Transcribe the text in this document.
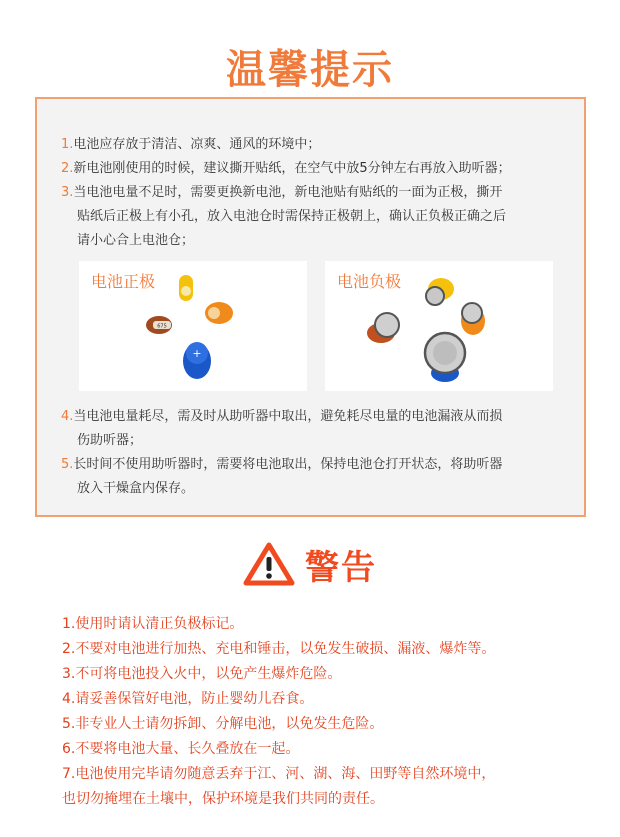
温馨提示
1.电池应存放于清洁、凉爽、通风的环境中；
2.新电池刚使用的时候，建议撕开贴纸，在空气中放5分钟左右再放入助听器；
3.当电池电量不足时，需要更换新电池，新电池贴有贴纸的一面为正极，撕开
贴纸后正极上有小孔，放入电池仓时需保持正极朝上，确认正负极正确之后
请小心合上电池仓；
电池正极
675
+
电池负极
4.当电池电量耗尽，需及时从助听器中取出，避免耗尽电量的电池漏液从而损
伤助听器；
5.长时间不使用助听器时，需要将电池取出，保持电池仓打开状态，将助听器
放入干燥盒内保存。
警告
1.使用时请认清正负极标记。
2.不要对电池进行加热、充电和锤击，以免发生破损、漏液、爆炸等。
3.不可将电池投入火中，以免产生爆炸危险。
4.请妥善保管好电池，防止婴幼儿吞食。
5.非专业人士请勿拆卸、分解电池，以免发生危险。
6.不要将电池大量、长久叠放在一起。
7.电池使用完毕请勿随意丢弃于江、河、湖、海、田野等自然环境中，
也切勿掩埋在土壤中，保护环境是我们共同的责任。
